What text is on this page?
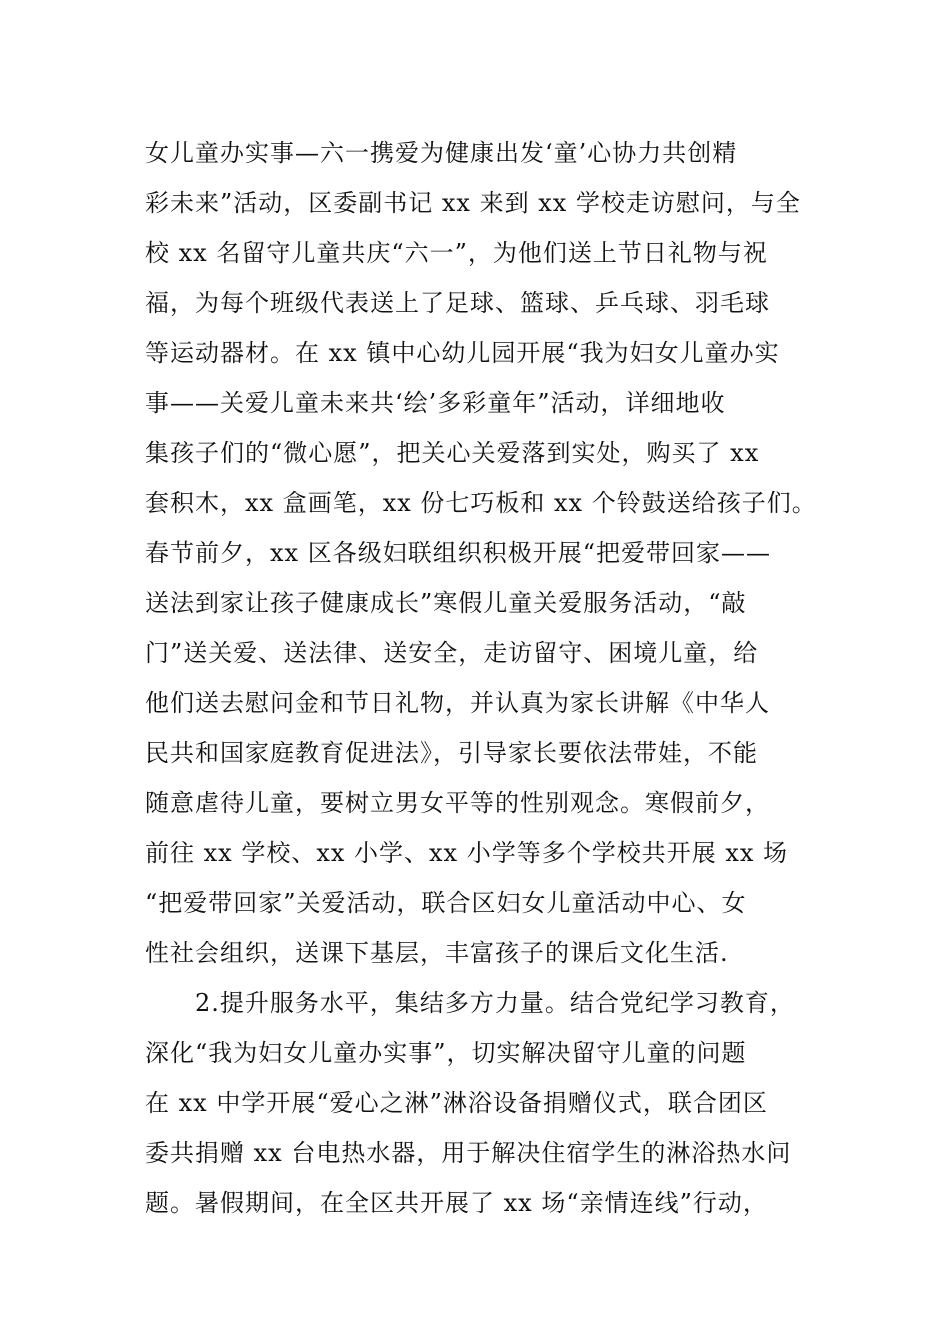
女儿童办实事—六一携爱为健康出发‘童’心协力共创精
彩未来”活动，区委副书记 xx 来到 xx 学校走访慰问，与全
校 xx 名留守儿童共庆“六一”，为他们送上节日礼物与祝
福，为每个班级代表送上了足球、篮球、乒乓球、羽毛球
等运动器材。在 xx 镇中心幼儿园开展“我为妇女儿童办实
事——关爱儿童未来共‘绘’多彩童年”活动，详细地收
集孩子们的“微心愿”，把关心关爱落到实处，购买了 xx
套积木，xx 盒画笔，xx 份七巧板和 xx 个铃鼓送给孩子们。
春节前夕，xx 区各级妇联组织积极开展“把爱带回家——
送法到家让孩子健康成长”寒假儿童关爱服务活动，“敲
门”送关爱、送法律、送安全，走访留守、困境儿童，给
他们送去慰问金和节日礼物，并认真为家长讲解《中华人
民共和国家庭教育促进法》，引导家长要依法带娃，不能
随意虐待儿童，要树立男女平等的性别观念。寒假前夕，
前往 xx 学校、xx 小学、xx 小学等多个学校共开展 xx 场
“把爱带回家”关爱活动，联合区妇女儿童活动中心、女
性社会组织，送课下基层，丰富孩子的课后文化生活.
　　2.提升服务水平，集结多方力量。结合党纪学习教育，
深化“我为妇女儿童办实事”，切实解决留守儿童的问题
在 xx 中学开展“爱心之淋”淋浴设备捐赠仪式，联合团区
委共捐赠 xx 台电热水器，用于解决住宿学生的淋浴热水问
题。暑假期间，在全区共开展了 xx 场“亲情连线”行动，
